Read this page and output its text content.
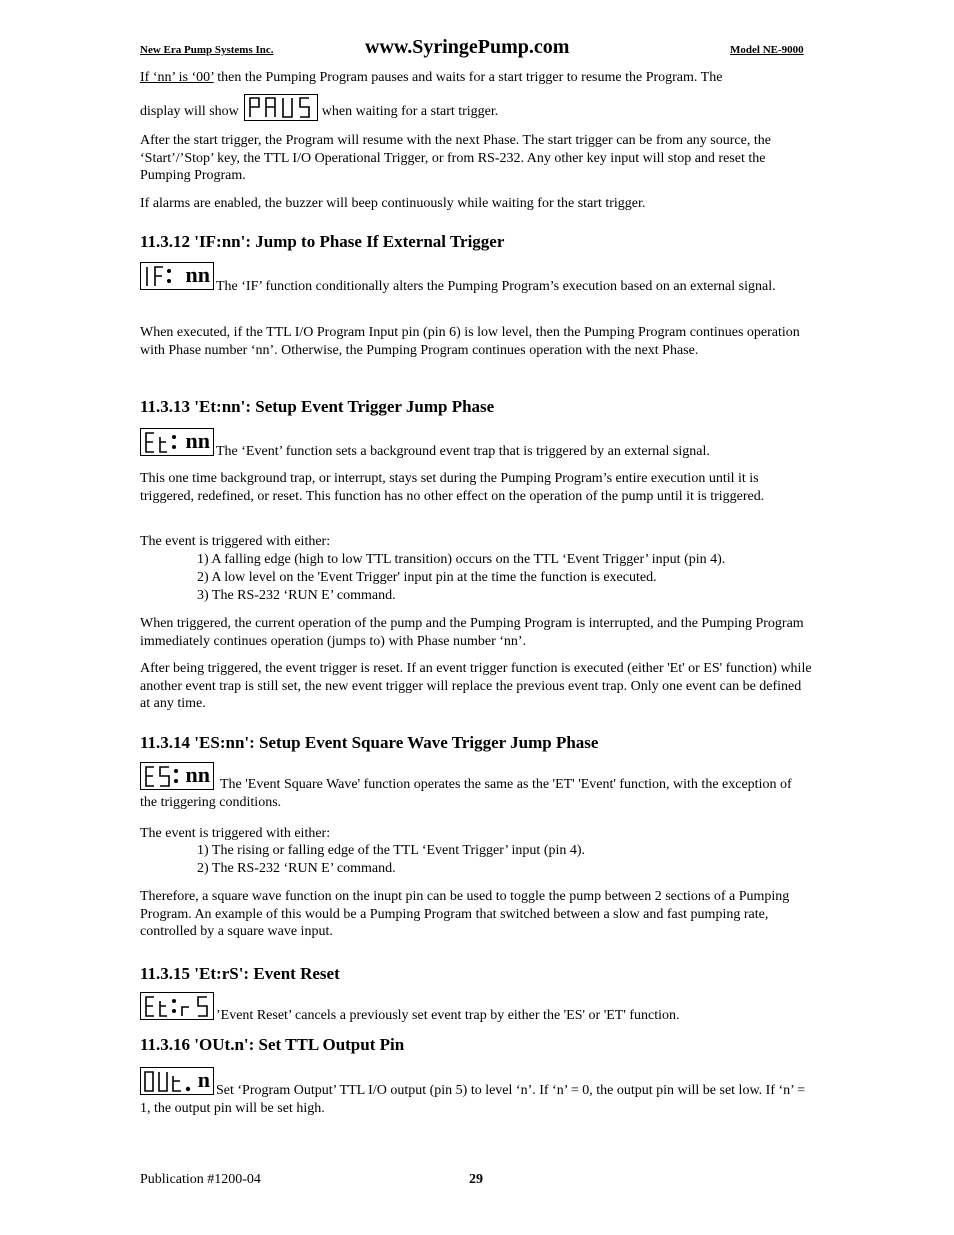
New Era Pump Systems Inc.	www.SyringePump.com	Model NE-9000
If ‘nn’ is ‘00’ then the Pumping Program pauses and waits for a start trigger to resume the Program. The
display will show	when waiting for a start trigger.
After the start trigger, the Program will resume with the next Phase. The start trigger can be from any source, the ‘Start’/’Stop’ key, the TTL I/O Operational Trigger, or from RS-232. Any other key input will stop and reset the Pumping Program.
If alarms are enabled, the buzzer will beep continuously while waiting for the start trigger.
11.3.12 'IF:nn': Jump to Phase If External Trigger
nn The ‘IF’ function conditionally alters the Pumping Program’s execution based on an external signal.
When executed, if the TTL I/O Program Input pin (pin 6) is low level, then the Pumping Program continues operation with Phase number ‘nn’. Otherwise, the Pumping Program continues operation with the next Phase.
11.3.13 'Et:nn': Setup Event Trigger Jump Phase
nn The ‘Event’ function sets a background event trap that is triggered by an external signal.
This one time background trap, or interrupt, stays set during the Pumping Program’s entire execution until it is triggered, redefined, or reset. This function has no other effect on the operation of the pump until it is triggered.
The event is triggered with either:
1) A falling edge (high to low TTL transition) occurs on the TTL ‘Event Trigger’ input (pin 4).
2) A low level on the 'Event Trigger' input pin at the time the function is executed.
3) The RS-232 ‘RUN E’ command.
When triggered, the current operation of the pump and the Pumping Program is interrupted, and the Pumping Program immediately continues operation (jumps to) with Phase number ‘nn’.
After being triggered, the event trigger is reset. If an event trigger function is executed (either 'Et' or ES' function) while another event trap is still set, the new event trigger will replace the previous event trap. Only one event can be defined at any time.
11.3.14 'ES:nn': Setup Event Square Wave Trigger Jump Phase
nn The 'Event Square Wave' function operates the same as the 'ET' 'Event' function, with the exception of the triggering conditions.
The event is triggered with either:
1) The rising or falling edge of the TTL ‘Event Trigger’ input (pin 4).
2) The RS-232 ‘RUN E’ command.
Therefore, a square wave function on the inupt pin can be used to toggle the pump between 2 sections of a Pumping Program. An example of this would be a Pumping Program that switched between a slow and fast pumping rate, controlled by a square wave input.
11.3.15 'Et:rS': Event Reset
’Event Reset’ cancels a previously set event trap by either the 'ES' or 'ET' function.
11.3.16 'OUt.n': Set TTL Output Pin
n Set ‘Program Output’ TTL I/O output (pin 5) to level ‘n’. If ‘n’ = 0, the output pin will be set low. If ‘n’ = 1, the output pin will be set high.
Publication #1200-04	29
